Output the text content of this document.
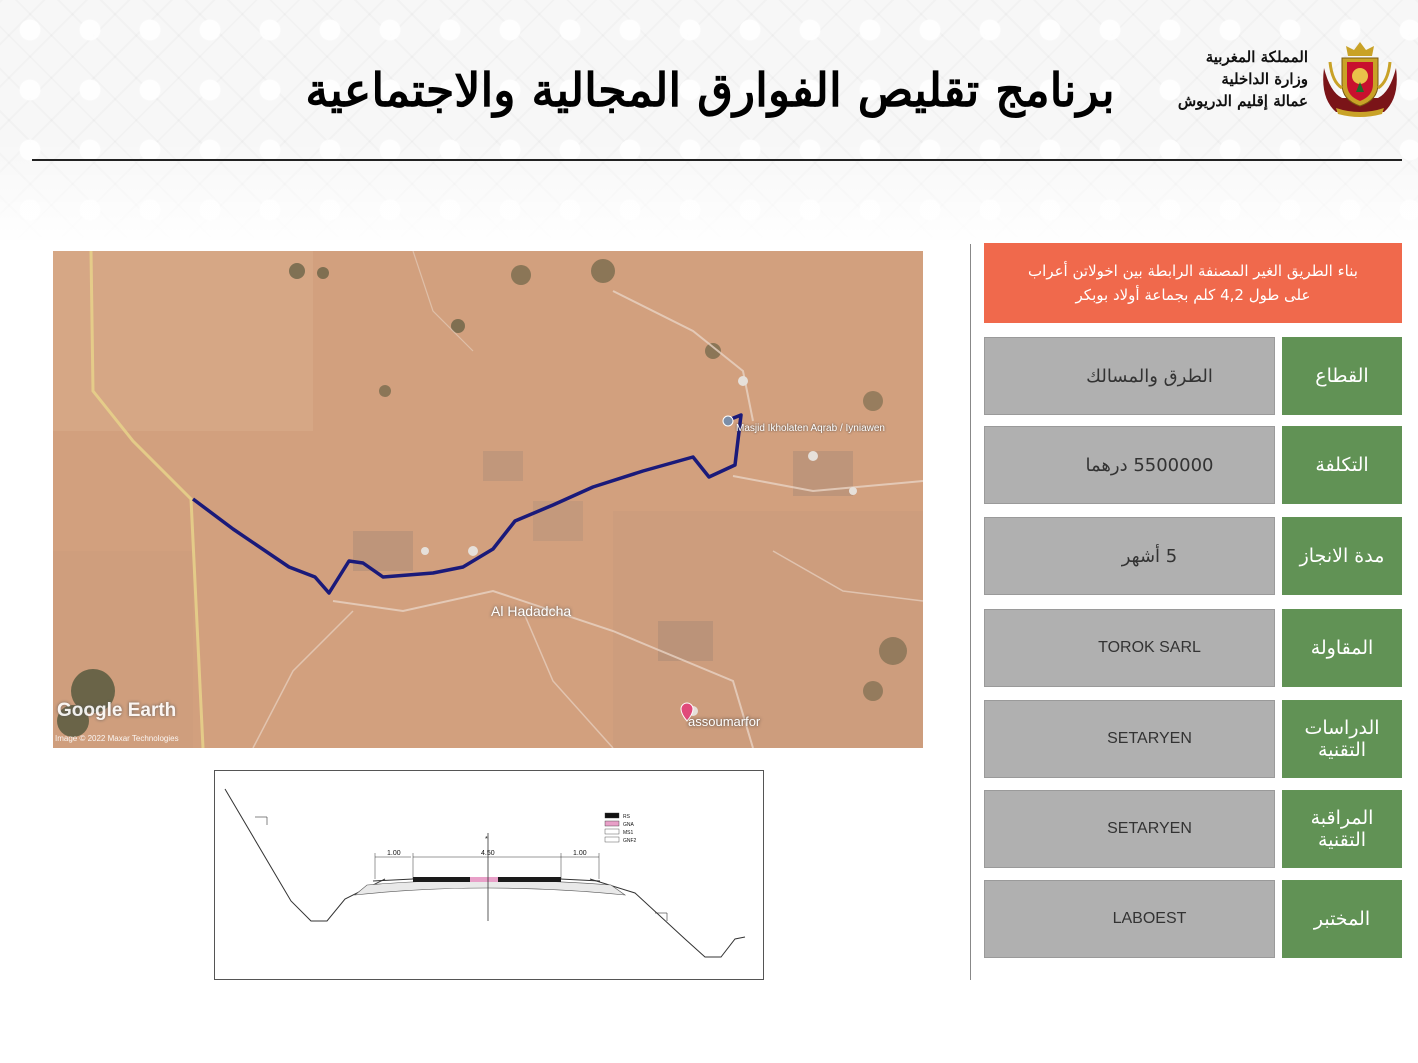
برنامج تقليص الفوارق المجالية والاجتماعية
المملكة المغربية
وزارة الداخلية
عمالة إقليم الدريوش
Al Hadadcha
Masjid Ikholaten Aqrab / Iyniawen
assoumarfor
Google Earth
Image © 2022 Maxar Technologies
*
1.00	4.50	1.00
RS
GNA
MS1
GNF2
بناء الطريق الغير المصنفة الرابطة بين اخولاتن أعراب
على طول 4,2 كلم بجماعة أولاد بوبكر
الطرق والمسالك	القطاع
5500000 درهما	التكلفة
5 أشهر	مدة الانجاز
TOROK SARL	المقاولة
SETARYEN	الدراسات
التقنية
SETARYEN	المراقبة
التقنية
LABOEST	المختبر
